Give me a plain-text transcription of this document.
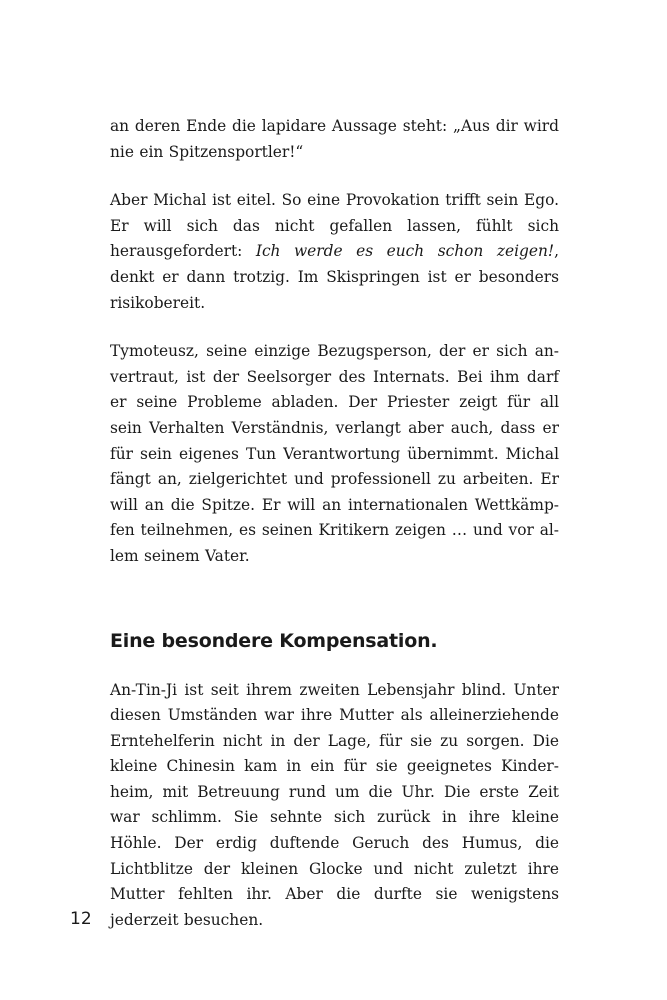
an deren Ende die lapidare Aussage steht: „Aus dir wird nie ein Spitzensportler!“

Aber Michal ist eitel. So eine Provokation trifft sein Ego. Er will sich das nicht gefallen lassen, fühlt sich herausgefordert: Ich werde es euch schon zeigen!, denkt er dann trotzig. Im Skispringen ist er besonders risikobereit.

Tymoteusz, seine einzige Bezugsperson, der er sich anvertraut, ist der Seelsorger des Internats. Bei ihm darf er seine Probleme abladen. Der Priester zeigt für all sein Verhalten Verständnis, verlangt aber auch, dass er für sein eigenes Tun Verantwortung übernimmt. Michal fängt an, zielgerichtet und professionell zu arbeiten. Er will an die Spitze. Er will an internationalen Wettkämpfen teilnehmen, es seinen Kritikern zeigen … und vor allem seinem Vater.

Eine besondere Kompensation.

An-Tin-Ji ist seit ihrem zweiten Lebensjahr blind. Unter diesen Umständen war ihre Mutter als alleinerziehende Erntehelferin nicht in der Lage, für sie zu sorgen. Die kleine Chinesin kam in ein für sie geeignetes Kinderheim, mit Betreuung rund um die Uhr. Die erste Zeit war schlimm. Sie sehnte sich zurück in ihre kleine Höhle. Der erdig duftende Geruch des Humus, die Lichtblitze der kleinen Glocke und nicht zuletzt ihre Mutter fehlten ihr. Aber die durfte sie wenigstens jederzeit besuchen.

12
